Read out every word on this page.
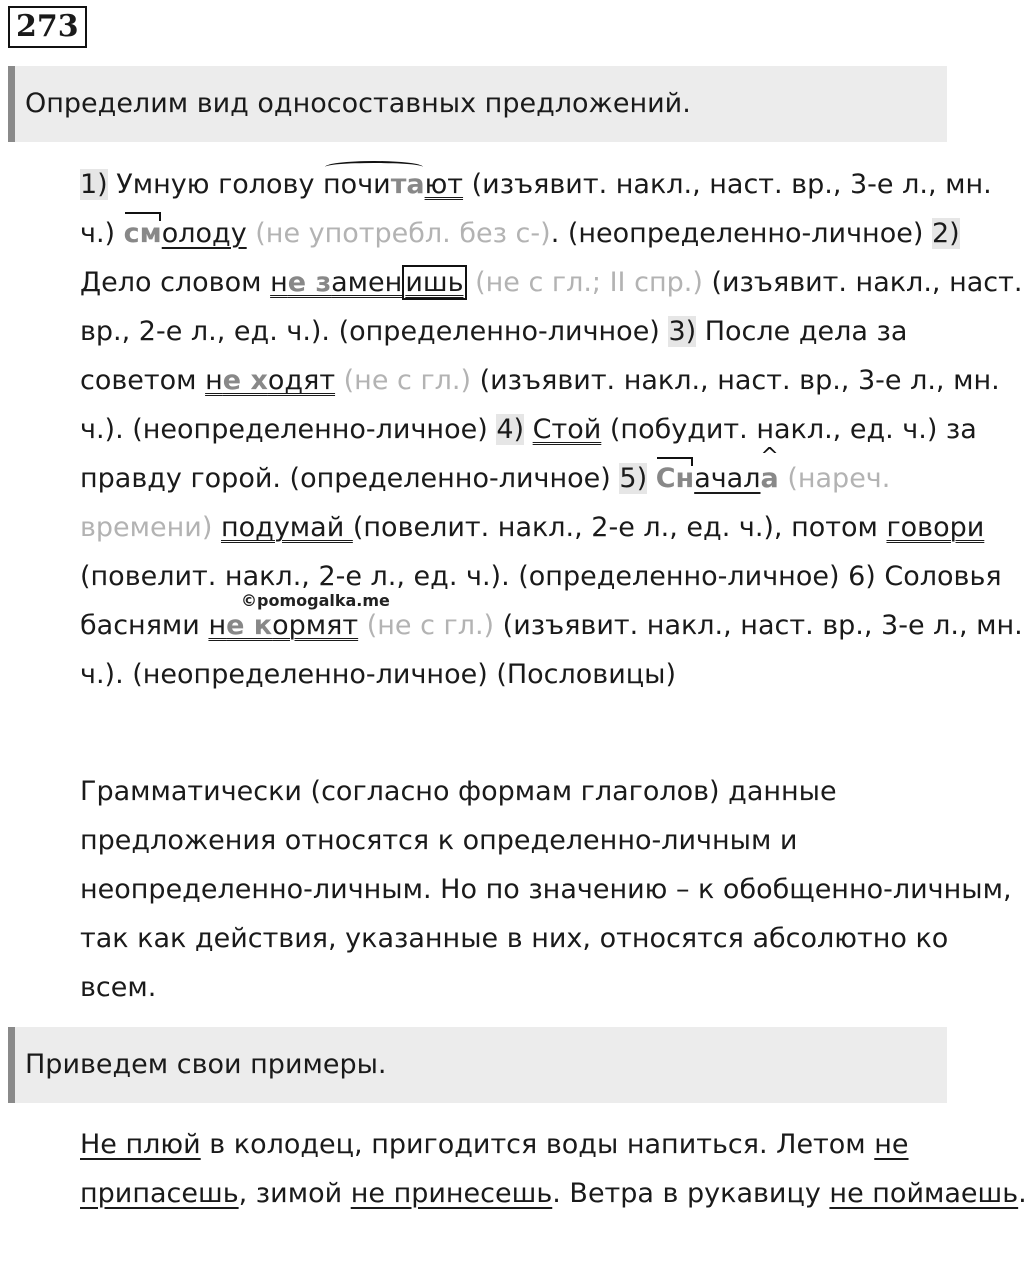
273
Определим вид односоставных предложений.
1) Умную голову почитают (изъявит. накл., наст. вр., 3-е л., мн. ч.) смолоду (не употребл. без с-). (неопределенно-личное) 2) Дело словом не замен ишь (не с гл.; II спр.) (изъявит. накл., наст. вр., 2-е л., ед. ч.). (определенно-личное) 3) После дела за советом не ходят (не с гл.) (изъявит. накл., наст. вр., 3-е л., мн. ч.). (неопределенно-личное) 4) Стой (побудит. накл., ед. ч.) за правду горой. (определенно-личное) 5) Сначал^ а (нареч. времени) подумай (повелит. накл., 2-е л., ед. ч.), потом говори (повелит. накл., 2-е л., ед. ч.). (определенно-личное) 6) Соловья баснями не кормят (не с гл.) (изъявит. накл., наст. вр., 3-е л., мн. ч.). (неопределенно-личное) (Пословицы)
©pomogalka.me
Грамматически (согласно формам глаголов) данные предложения относятся к определенно-личным и неопределенно-личным. Но по значению – к обобщенно-личным, так как действия, указанные в них, относятся абсолютно ко всем.
Приведем свои примеры.
Не плюй в колодец, пригодится воды напиться. Летом не припасешь, зимой не принесешь. Ветра в рукавицу не поймаешь.
